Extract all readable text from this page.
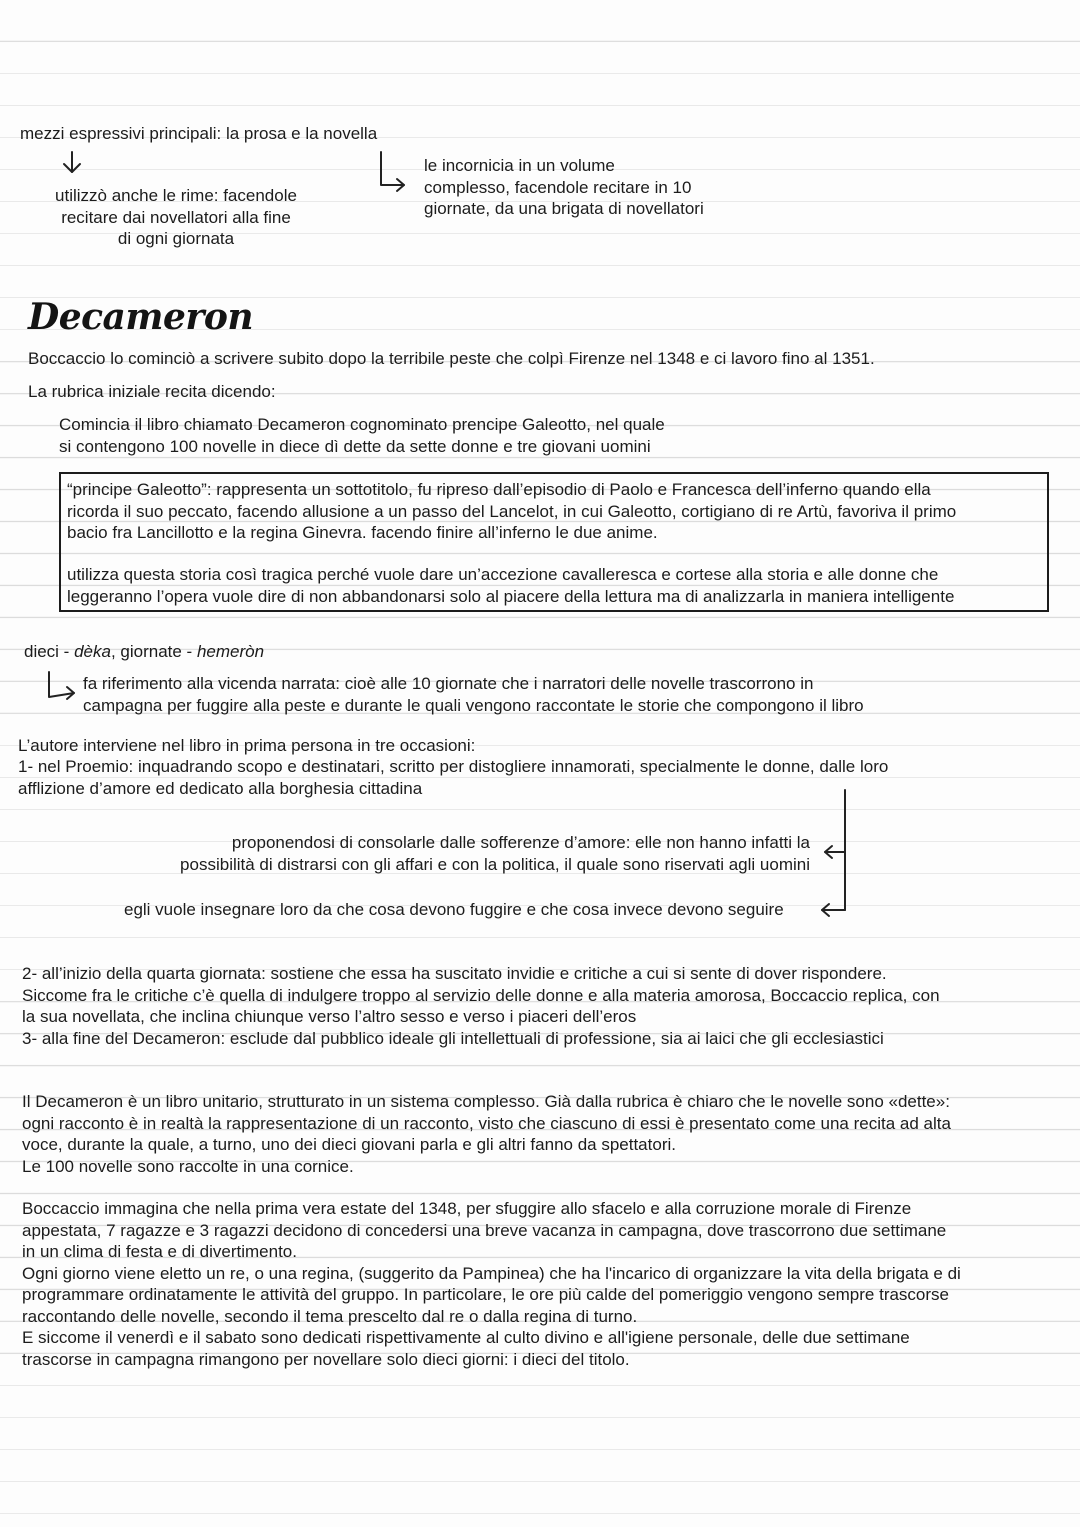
mezzi espressivi principali: la prosa e la novella
utilizzò anche le rime: facendole
recitare dai novellatori alla fine
di ogni giornata
le incornicia in un volume
complesso, facendole recitare in 10
giornate, da una brigata di novellatori
Decameron
Boccaccio lo cominciò a scrivere subito dopo la terribile peste che colpì Firenze nel 1348 e ci lavoro fino al 1351.
La rubrica iniziale recita dicendo:
Comincia il libro chiamato Decameron cognominato prencipe Galeotto, nel quale
si contengono 100 novelle in diece dì dette da sette donne e tre giovani uomini
“principe Galeotto”: rappresenta un sottotitolo, fu ripreso dall’episodio di Paolo e Francesca dell’inferno quando ella
ricorda il suo peccato, facendo allusione a un passo del Lancelot, in cui Galeotto, cortigiano di re Artù, favoriva il primo
bacio fra Lancillotto e la regina Ginevra. facendo finire all’inferno le due anime.
utilizza questa storia così tragica perché vuole dare un’accezione cavalleresca e cortese alla storia e alle donne che
leggeranno l’opera vuole dire di non abbandonarsi solo al piacere della lettura ma di analizzarla in maniera intelligente
dieci - dèka, giornate - hemeròn
fa riferimento alla vicenda narrata: cioè alle 10 giornate che i narratori delle novelle trascorrono in
campagna per fuggire alla peste e durante le quali vengono raccontate le storie che compongono il libro
L’autore interviene nel libro in prima persona in tre occasioni:
1- nel Proemio: inquadrando scopo e destinatari, scritto per distogliere innamorati, specialmente le donne, dalle loro
afflizione d’amore ed dedicato alla borghesia cittadina
proponendosi di consolarle dalle sofferenze d’amore: elle non hanno infatti la
possibilità di distrarsi con gli affari e con la politica, il quale sono riservati agli uomini
egli vuole insegnare loro da che cosa devono fuggire e che cosa invece devono seguire
2- all’inizio della quarta giornata: sostiene che essa ha suscitato invidie e critiche a cui si sente di dover rispondere.
Siccome fra le critiche c’è quella di indulgere troppo al servizio delle donne e alla materia amorosa, Boccaccio replica, con
la sua novellata, che inclina chiunque verso l’altro sesso e verso i piaceri dell’eros
3- alla fine del Decameron: esclude dal pubblico ideale gli intellettuali di professione, sia ai laici che gli ecclesiastici
Il Decameron è un libro unitario, strutturato in un sistema complesso. Già dalla rubrica è chiaro che le novelle sono «dette»:
ogni racconto è in realtà la rappresentazione di un racconto, visto che ciascuno di essi è presentato come una recita ad alta
voce, durante la quale, a turno, uno dei dieci giovani parla e gli altri fanno da spettatori.
Le 100 novelle sono raccolte in una cornice.
Boccaccio immagina che nella prima vera estate del 1348, per sfuggire allo sfacelo e alla corruzione morale di Firenze
appestata, 7 ragazze e 3 ragazzi decidono di concedersi una breve vacanza in campagna, dove trascorrono due settimane
in un clima di festa e di divertimento.
Ogni giorno viene eletto un re, o una regina, (suggerito da Pampinea) che ha l'incarico di organizzare la vita della brigata e di
programmare ordinatamente le attività del gruppo. In particolare, le ore più calde del pomeriggio vengono sempre trascorse
raccontando delle novelle, secondo il tema prescelto dal re o dalla regina di turno.
E siccome il venerdì e il sabato sono dedicati rispettivamente al culto divino e all'igiene personale, delle due settimane
trascorse in campagna rimangono per novellare solo dieci giorni: i dieci del titolo.
